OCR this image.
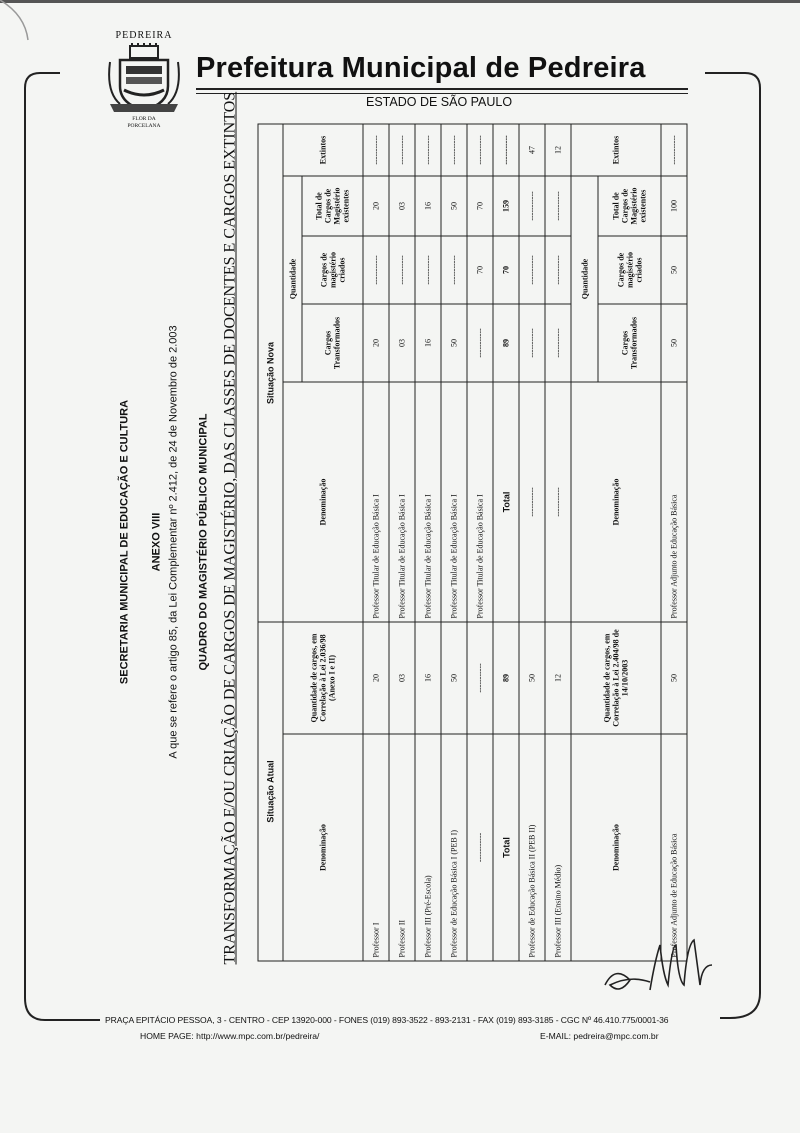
PEDREIRA
FLOR DA
PORCELANA
Prefeitura Municipal de Pedreira
ESTADO DE SÃO PAULO
SECRETARIA MUNICIPAL DE EDUCAÇÃO E CULTURA ANEXO VIII A que se refere o artigo 85, da Lei Complementar nº 2.412, de 24 de Novembro de 2.003 QUADRO DO MAGISTÉRIO PÚBLICO MUNICIPAL TRANSFORMAÇÃO E/OU CRIAÇÃO DE CARGOS DE MAGISTÉRIO, DAS CLASSES DE DOCENTES E CARGOS EXTINTOS	Situação Atual		Situação Nova				
Denominação	Quantidade de cargos, em Correlação à Lei 2.036/98 (Anexo I e II)	Denominação	Quantidade			Extintos
			Cargos Transformados	Cargos de magistério criados	Total de Cargos de Magistério existentes	
Professor I	20	Professor Titular de Educação Básica I	20	-----------	20	-----------
Professor II	03	Professor Titular de Educação Básica I	03	-----------	03	-----------
Professor III (Pré-Escola)	16	Professor Titular de Educação Básica I	16	-----------	16	-----------
Professor de Educação Básica I (PEB I)	50	Professor Titular de Educação Básica I	50	-----------	50	-----------
-----------	-----------	Professor Titular de Educação Básica I	-----------	70	70	-----------
Total	89	Total	89	70	159	-----------
Professor de Educação Básica II (PEB II)	50	-----------	-----------	-----------	-----------	47
Professor III (Ensino Médio)	12	-----------	-----------	-----------	-----------	12
Denominação	Quantidade de cargos, em Correlação à Lei 2.404/98 de 14/10/2003	Denominação	Quantidade			Extintos
			Cargos Transformados	Cargos de magistério criados	Total de Cargos de Magistério existentes	
Professor Adjunto de Educação Básica	50	Professor Adjunto de Educação Básica	50	50	100	-----------
PRAÇA EPITÁCIO PESSOA, 3 - CENTRO - CEP 13920-000 - FONES (019) 893-3522 - 893-2131 - FAX (019) 893-3185 - CGC Nº 46.410.775/0001-36
HOME PAGE: http://www.mpc.com.br/pedreira/	E-MAIL: pedreira@mpc.com.br
